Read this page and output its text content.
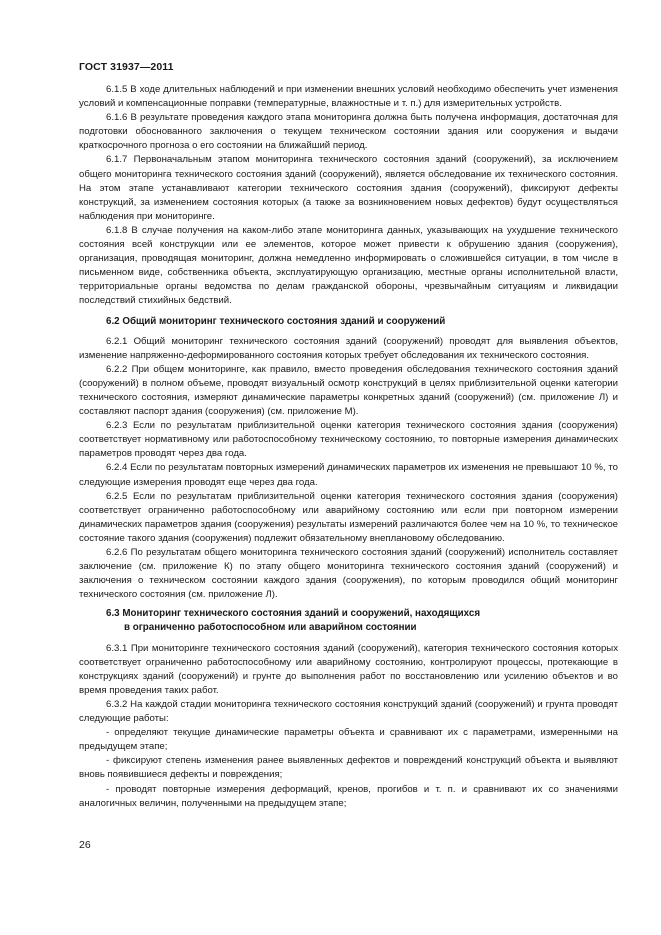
ГОСТ 31937—2011

6.1.5 В ходе длительных наблюдений и при изменении внешних условий необходимо обеспечить учет изменения условий и компенсационные поправки (температурные, влажностные и т. п.) для измерительных устройств.

6.1.6 В результате проведения каждого этапа мониторинга должна быть получена информация, достаточная для подготовки обоснованного заключения о текущем техническом состоянии здания или сооружения и выдачи краткосрочного прогноза о его состоянии на ближайший период.

6.1.7 Первоначальным этапом мониторинга технического состояния зданий (сооружений), за исключением общего мониторинга технического состояния зданий (сооружений), является обследование их технического состояния. На этом этапе устанавливают категории технического состояния здания (сооружений), фиксируют дефекты конструкций, за изменением состояния которых (а также за возникновением новых дефектов) будут осуществляться наблюдения при мониторинге.

6.1.8 В случае получения на каком-либо этапе мониторинга данных, указывающих на ухудшение технического состояния всей конструкции или ее элементов, которое может привести к обрушению здания (сооружения), организация, проводящая мониторинг, должна немедленно информировать о сложившейся ситуации, в том числе в письменном виде, собственника объекта, эксплуатирующую организацию, местные органы исполнительной власти, территориальные органы ведомства по делам гражданской обороны, чрезвычайным ситуациям и ликвидации последствий стихийных бедствий.

6.2 Общий мониторинг технического состояния зданий и сооружений

6.2.1 Общий мониторинг технического состояния зданий (сооружений) проводят для выявления объектов, изменение напряженно-деформированного состояния которых требует обследования их технического состояния.

6.2.2 При общем мониторинге, как правило, вместо проведения обследования технического состояния зданий (сооружений) в полном объеме, проводят визуальный осмотр конструкций в целях приблизительной оценки категории технического состояния, измеряют динамические параметры конкретных зданий (сооружений) (см. приложение Л) и составляют паспорт здания (сооружения) (см. приложение М).

6.2.3 Если по результатам приблизительной оценки категория технического состояния здания (сооружения) соответствует нормативному или работоспособному техническому состоянию, то повторные измерения динамических параметров проводят через два года.

6.2.4 Если по результатам повторных измерений динамических параметров их изменения не превышают 10 %, то следующие измерения проводят еще через два года.

6.2.5 Если по результатам приблизительной оценки категория технического состояния здания (сооружения) соответствует ограниченно работоспособному или аварийному состоянию или если при повторном измерении динамических параметров здания (сооружения) результаты измерений различаются более чем на 10 %, то техническое состояние такого здания (сооружения) подлежит обязательному внеплановому обследованию.

6.2.6 По результатам общего мониторинга технического состояния зданий (сооружений) исполнитель составляет заключение (см. приложение К) по этапу общего мониторинга технического состояния зданий (сооружений) и заключения о техническом состоянии каждого здания (сооружения), по которым проводился общий мониторинг технического состояния (см. приложение Л).

6.3 Мониторинг технического состояния зданий и сооружений, находящихся
в ограниченно работоспособном или аварийном состоянии

6.3.1 При мониторинге технического состояния зданий (сооружений), категория технического состояния которых соответствует ограниченно работоспособному или аварийному состоянию, контролируют процессы, протекающие в конструкциях зданий (сооружений) и грунте до выполнения работ по восстановлению или усилению объектов и во время проведения таких работ.

6.3.2 На каждой стадии мониторинга технического состояния конструкций зданий (сооружений) и грунта проводят следующие работы:

- определяют текущие динамические параметры объекта и сравнивают их с параметрами, измеренными на предыдущем этапе;

- фиксируют степень изменения ранее выявленных дефектов и повреждений конструкций объекта и выявляют вновь появившиеся дефекты и повреждения;

- проводят повторные измерения деформаций, кренов, прогибов и т. п. и сравнивают их со значениями аналогичных величин, полученными на предыдущем этапе;

26
